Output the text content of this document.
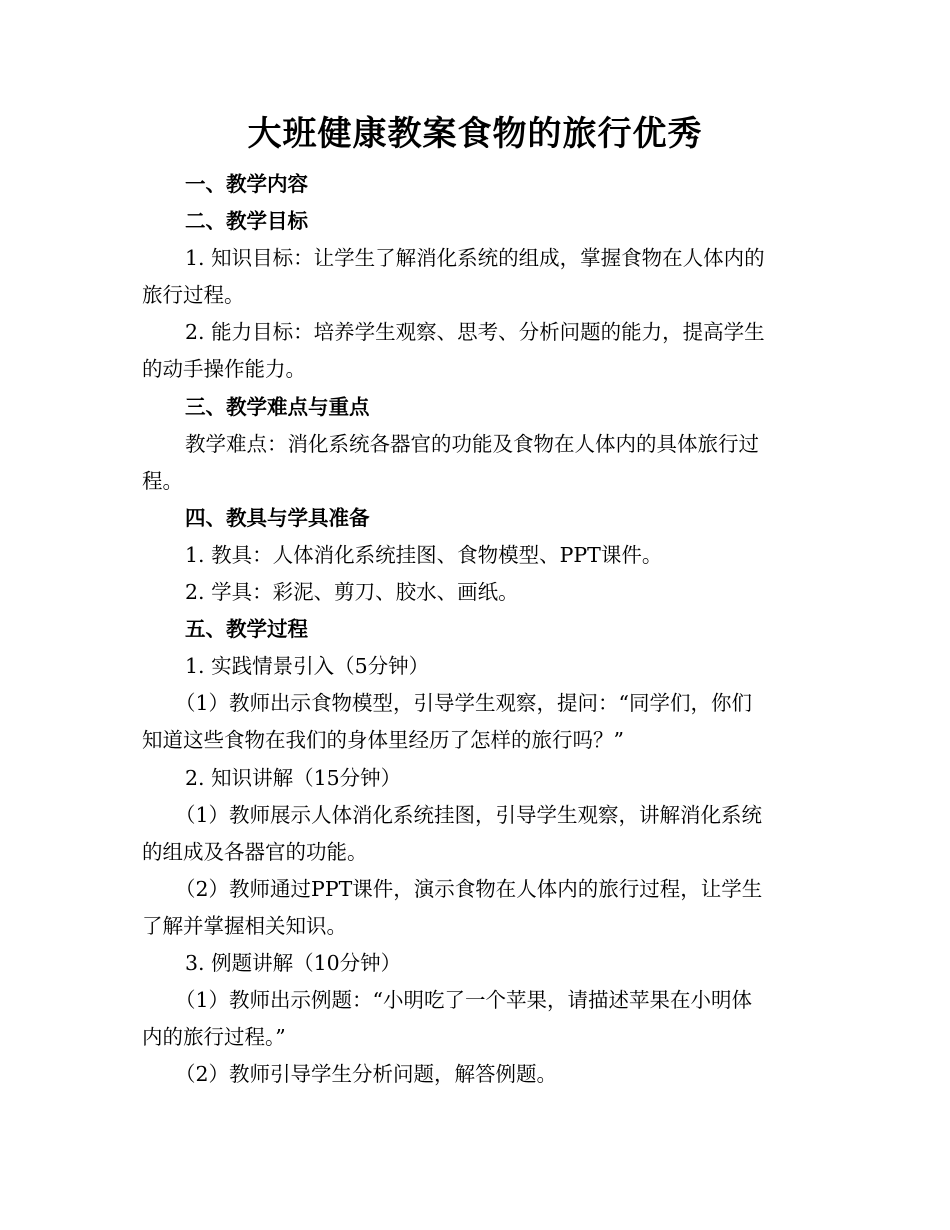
大班健康教案食物的旅行优秀

一、教学内容

二、教学目标

1. 知识目标：让学生了解消化系统的组成，掌握食物在人体内的

旅行过程。

2. 能力目标：培养学生观察、思考、分析问题的能力，提高学生

的动手操作能力。

三、教学难点与重点

教学难点：消化系统各器官的功能及食物在人体内的具体旅行过

程。

四、教具与学具准备

1. 教具：人体消化系统挂图、食物模型、PPT课件。

2. 学具：彩泥、剪刀、胶水、画纸。

五、教学过程

1. 实践情景引入（5分钟）

（1）教师出示食物模型，引导学生观察，提问：“同学们，你们

知道这些食物在我们的身体里经历了怎样的旅行吗？”

2. 知识讲解（15分钟）

（1）教师展示人体消化系统挂图，引导学生观察，讲解消化系统

的组成及各器官的功能。

（2）教师通过PPT课件，演示食物在人体内的旅行过程，让学生

了解并掌握相关知识。

3. 例题讲解（10分钟）

（1）教师出示例题：“小明吃了一个苹果，请描述苹果在小明体

内的旅行过程。”

（2）教师引导学生分析问题，解答例题。
